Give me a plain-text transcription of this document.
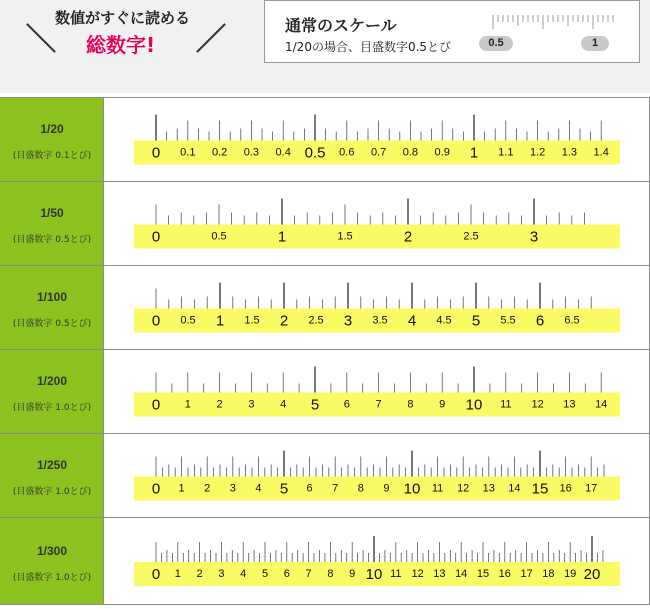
数値がすぐに読める
総数字!
通常のスケール
1/20の場合、目盛数字0.5とび	0.5	1
1/20
(目盛数字 0.1とび)	0 0.1 0.2 0.3 0.4 0.5 0.6 0.7 0.8 0.9 1 1.1 1.2 1.3 1.4
1/50
(目盛数字 0.5とび)	0	0.5	1	1.5	2	2.5	3
1/100
(目盛数字 0.5とび)	0 0.5 1 1.5 2 2.5 3 3.5 4 4.5 5 5.5 6 6.5
1/200
(目盛数字 1.0とび)	0 1 2 3 4 5 6 7 8 9 10 11 12 13 14
1/250
(目盛数字 1.0とび)	0 1 2 3 4 5 6 7 8 9 10 11 12 13 14 15 16 17
1/300
(目盛数字 1.0とび)	0 1 2 3 4 5 6 7 8 9 10 11 12 13 14 15 16 17 18 19 20
